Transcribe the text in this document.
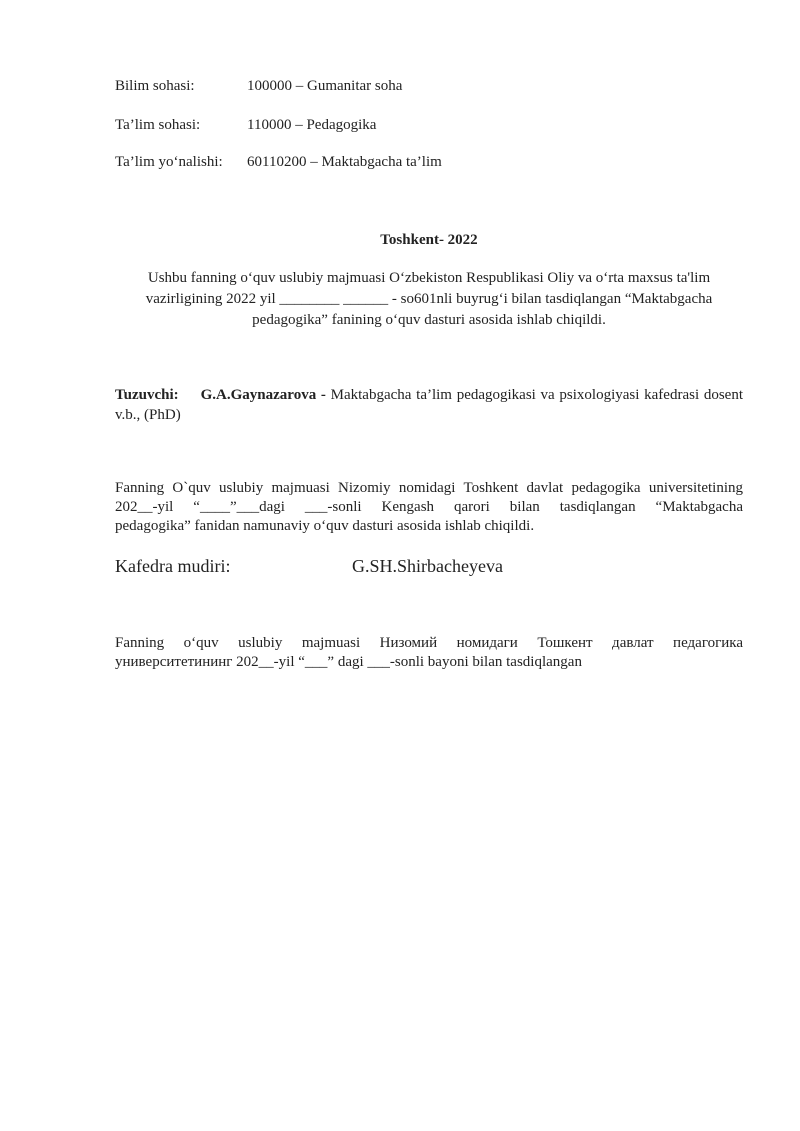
Bilim sohasi:	100000 – Gumanitar soha
Ta’lim sohasi:	110000 – Pedagogika
Ta’lim yoʻnalishi: 60110200 – Maktabgacha ta’lim
Toshkent- 2022

Ushbu fanning oʻquv uslubiy majmuasi Oʻzbekiston Respublikasi Oliy va oʻrta maxsus ta'lim

vazirligining 2022 yil ________ ______ - so601nli buyrugʻi bilan tasdiqlangan “Maktabgacha

pedagogika” fanining oʻquv dasturi asosida ishlab chiqildi.

Tuzuvchi: G.A.Gaynazarova - Maktabgacha ta’lim pedagogikasi va psixologiyasi kafedrasi dosent v.b., (PhD)
Fanning O`quv uslubiy majmuasi Nizomiy nomidagi Toshkent davlat pedagogika universitetining
202__-yil “____”___dagi ___-sonli Kengash qarori bilan tasdiqlangan “Maktabgacha
pedagogika” fanidan namunaviy oʻquv dasturi asosida ishlab chiqildi.
Kafedra mudiri:	G.SH.Shirbacheyeva
Fanning oʻquv uslubiy majmuasi Низомий номидаги Тошкент давлат педагогика
университетининг 202__-yil “___” dagi ___-sonli bayoni bilan tasdiqlangan
